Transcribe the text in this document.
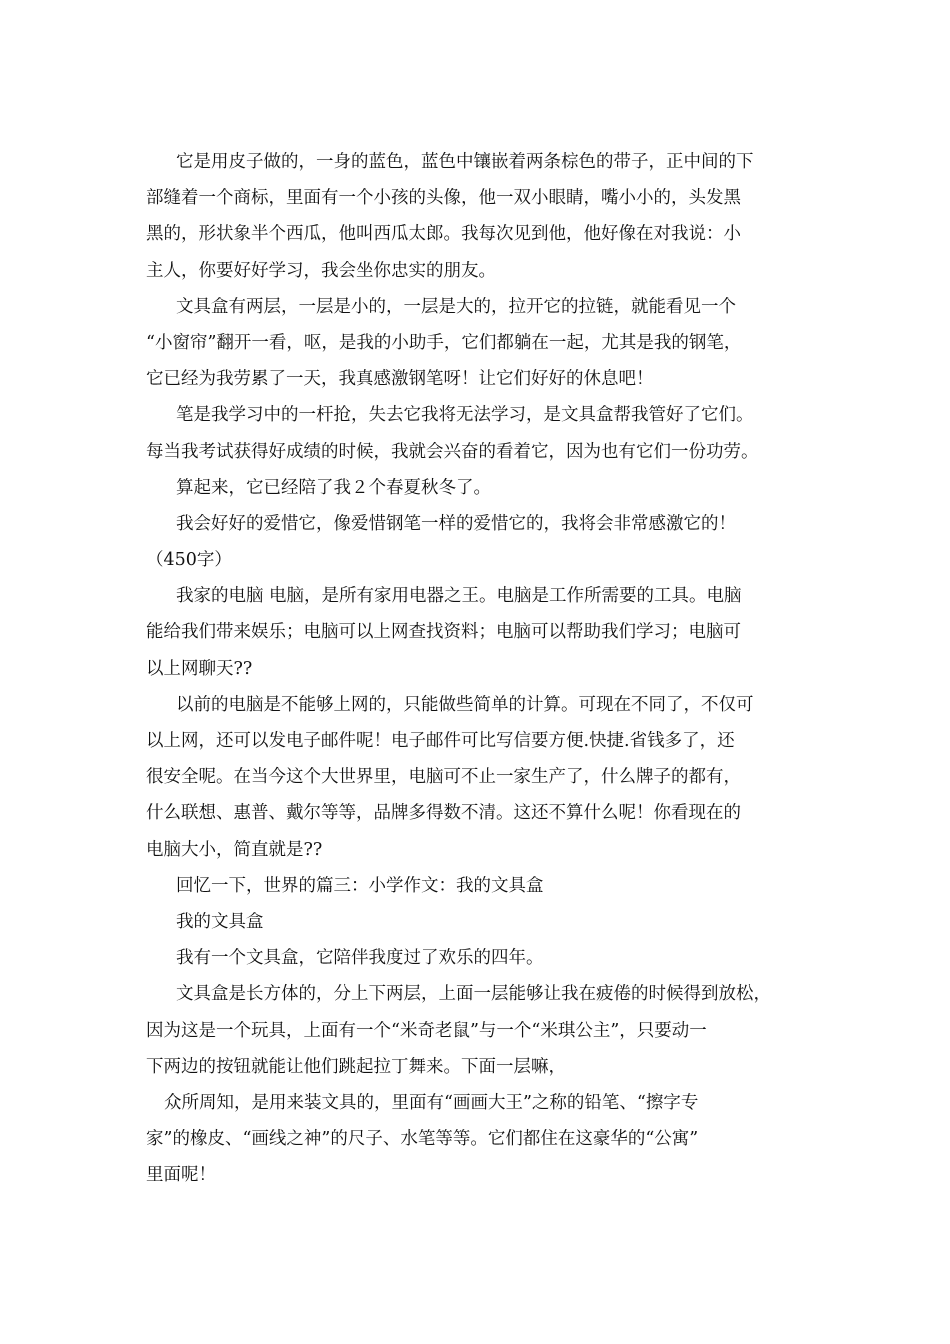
它是用皮子做的，一身的蓝色，蓝色中镶嵌着两条棕色的带子，正中间的下
部缝着一个商标，里面有一个小孩的头像，他一双小眼睛，嘴小小的，头发黑
黑的，形状象半个西瓜，他叫西瓜太郎。我每次见到他，他好像在对我说：小
主人，你要好好学习，我会坐你忠实的朋友。
文具盒有两层，一层是小的，一层是大的，拉开它的拉链，就能看见一个
“小窗帘”翻开一看，呕，是我的小助手，它们都躺在一起，尤其是我的钢笔，
它已经为我劳累了一天，我真感激钢笔呀！让它们好好的休息吧！
笔是我学习中的一杆抢，失去它我将无法学习，是文具盒帮我管好了它们。
每当我考试获得好成绩的时候，我就会兴奋的看着它，因为也有它们一份功劳。
算起来，它已经陪了我２个春夏秋冬了。
我会好好的爱惜它，像爱惜钢笔一样的爱惜它的，我将会非常感激它的！
（450字）
我家的电脑 电脑，是所有家用电器之王。电脑是工作所需要的工具。电脑
能给我们带来娱乐；电脑可以上网查找资料；电脑可以帮助我们学习；电脑可
以上网聊天??
以前的电脑是不能够上网的，只能做些简单的计算。可现在不同了，不仅可
以上网，还可以发电子邮件呢！电子邮件可比写信要方便.快捷.省钱多了，还
很安全呢。在当今这个大世界里，电脑可不止一家生产了，什么牌子的都有，
什么联想、惠普、戴尔等等，品牌多得数不清。这还不算什么呢！你看现在的
电脑大小，简直就是??
回忆一下，世界的篇三：小学作文：我的文具盒
我的文具盒
我有一个文具盒，它陪伴我度过了欢乐的四年。
文具盒是长方体的，分上下两层，上面一层能够让我在疲倦的时候得到放松，
因为这是一个玩具，上面有一个“米奇老鼠”与一个“米琪公主”，只要动一
下两边的按钮就能让他们跳起拉丁舞来。下面一层嘛，
众所周知，是用来装文具的，里面有“画画大王”之称的铅笔、“擦字专
家”的橡皮、“画线之神”的尺子、水笔等等。它们都住在这豪华的“公寓”
里面呢！
